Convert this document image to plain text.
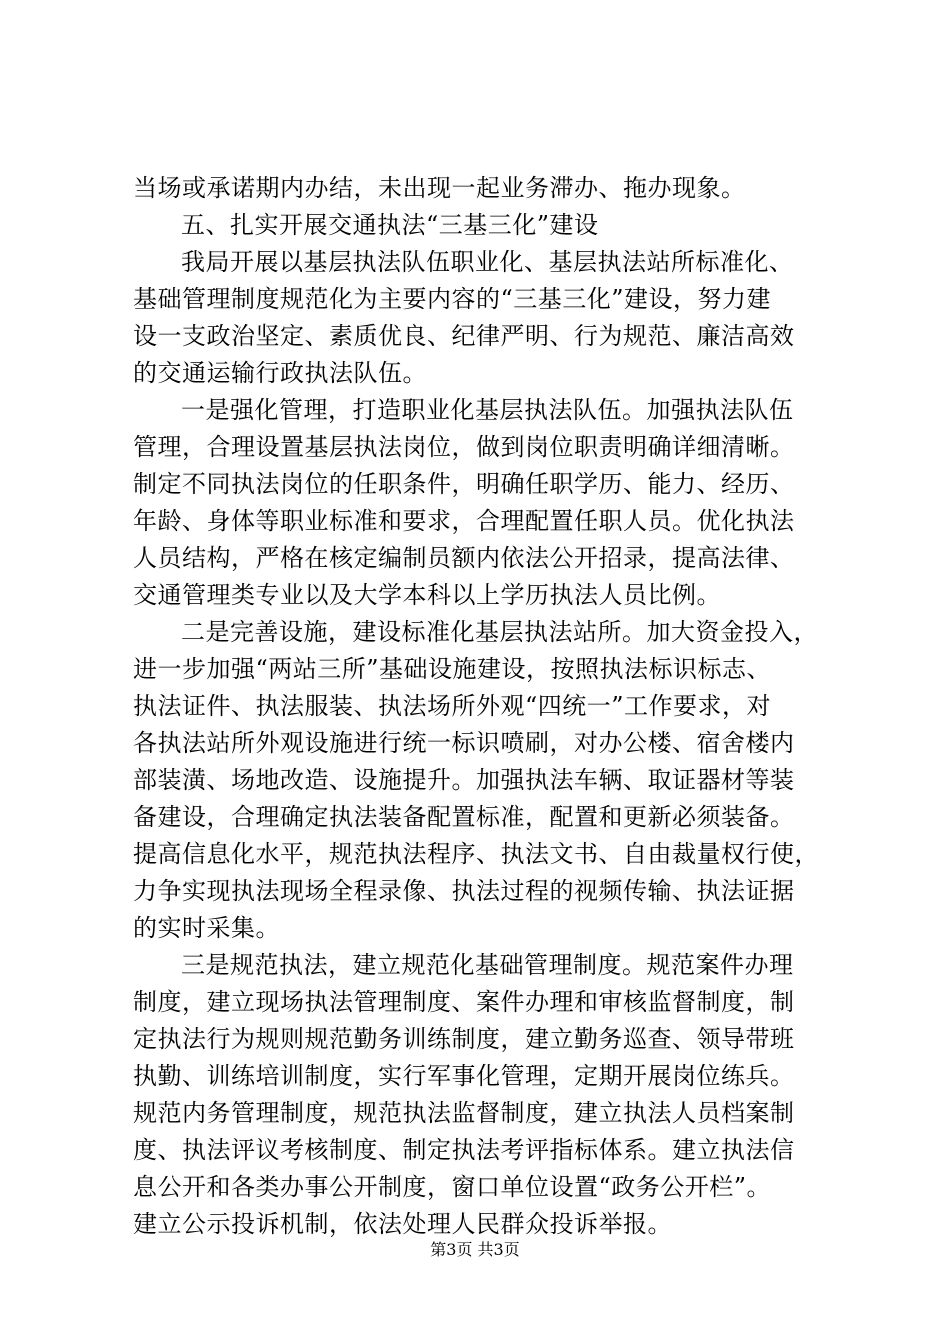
当场或承诺期内办结，未出现一起业务滞办、拖办现象。
五、扎实开展交通执法“三基三化”建设
我局开展以基层执法队伍职业化、基层执法站所标准化、
基础管理制度规范化为主要内容的“三基三化”建设，努力建
设一支政治坚定、素质优良、纪律严明、行为规范、廉洁高效
的交通运输行政执法队伍。
一是强化管理，打造职业化基层执法队伍。加强执法队伍
管理，合理设置基层执法岗位，做到岗位职责明确详细清晰。
制定不同执法岗位的任职条件，明确任职学历、能力、经历、
年龄、身体等职业标准和要求，合理配置任职人员。优化执法
人员结构，严格在核定编制员额内依法公开招录，提高法律、
交通管理类专业以及大学本科以上学历执法人员比例。
二是完善设施，建设标准化基层执法站所。加大资金投入，
进一步加强“两站三所”基础设施建设，按照执法标识标志、
执法证件、执法服装、执法场所外观“四统一”工作要求，对
各执法站所外观设施进行统一标识喷刷，对办公楼、宿舍楼内
部装潢、场地改造、设施提升。加强执法车辆、取证器材等装
备建设，合理确定执法装备配置标准，配置和更新必须装备。
提高信息化水平，规范执法程序、执法文书、自由裁量权行使，
力争实现执法现场全程录像、执法过程的视频传输、执法证据
的实时采集。
三是规范执法，建立规范化基础管理制度。规范案件办理
制度，建立现场执法管理制度、案件办理和审核监督制度，制
定执法行为规则规范勤务训练制度，建立勤务巡查、领导带班
执勤、训练培训制度，实行军事化管理，定期开展岗位练兵。
规范内务管理制度，规范执法监督制度，建立执法人员档案制
度、执法评议考核制度、制定执法考评指标体系。建立执法信
息公开和各类办事公开制度，窗口单位设置“政务公开栏”。
建立公示投诉机制，依法处理人民群众投诉举报。
第3页 共3页
